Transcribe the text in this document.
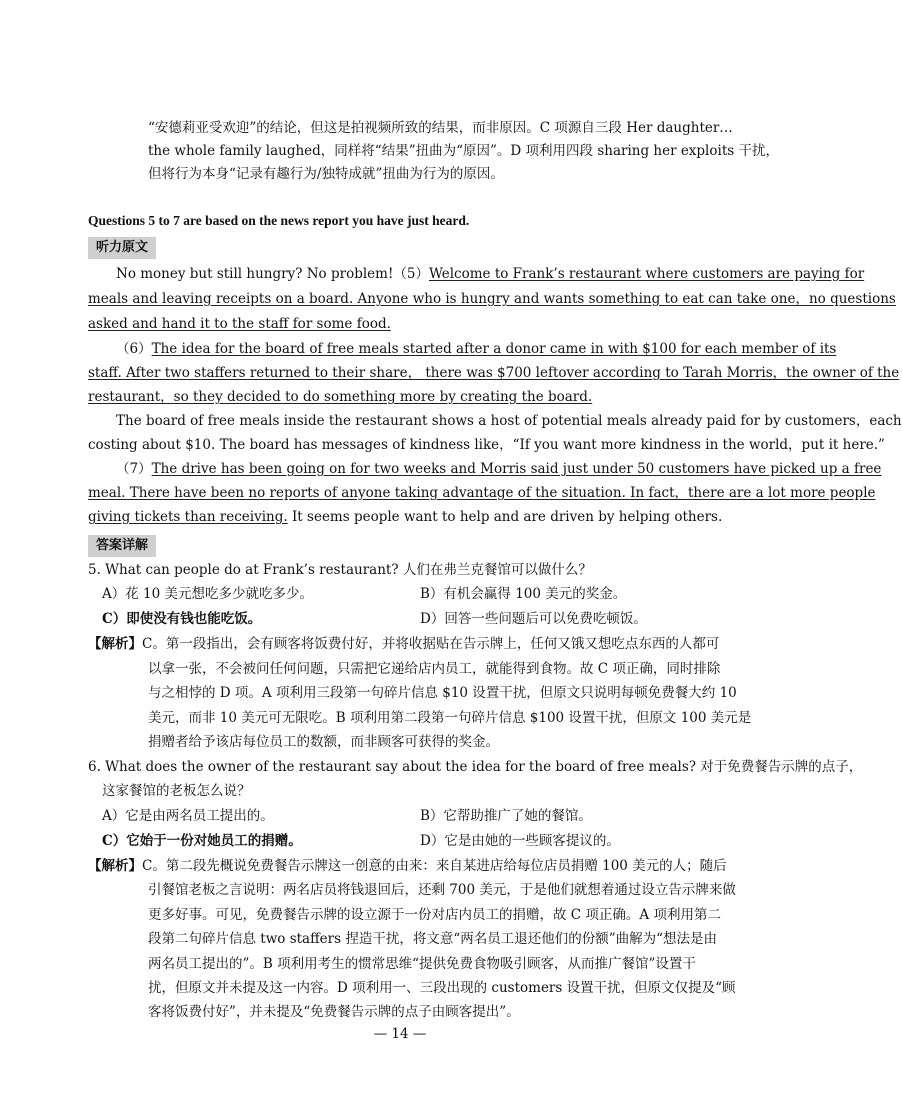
“安德莉亚受欢迎”的结论，但这是拍视频所致的结果，而非原因。C 项源自三段 Her daughter…
the whole family laughed，同样将“结果”扭曲为“原因”。D 项利用四段 sharing her exploits 干扰，
但将行为本身“记录有趣行为/独特成就”扭曲为行为的原因。
Questions 5 to 7 are based on the news report you have just heard.
听力原文
No money but still hungry? No problem!（5）Welcome to Frank’s restaurant where customers are paying for
meals and leaving receipts on a board. Anyone who is hungry and wants something to eat can take one，no questions
asked and hand it to the staff for some food.
（6）The idea for the board of free meals started after a donor came in with $100 for each member of its
staff. After two staffers returned to their share， there was $700 leftover according to Tarah Morris，the owner of the
restaurant，so they decided to do something more by creating the board.
The board of free meals inside the restaurant shows a host of potential meals already paid for by customers，each
costing about $10. The board has messages of kindness like，“If you want more kindness in the world，put it here.”
（7）The drive has been going on for two weeks and Morris said just under 50 customers have picked up a free
meal. There have been no reports of anyone taking advantage of the situation. In fact，there are a lot more people
giving tickets than receiving. It seems people want to help and are driven by helping others.
答案详解
5. What can people do at Frank’s restaurant? 人们在弗兰克餐馆可以做什么？
A）花 10 美元想吃多少就吃多少。	B）有机会赢得 100 美元的奖金。
C）即使没有钱也能吃饭。	D）回答一些问题后可以免费吃顿饭。
【解析】C。第一段指出，会有顾客将饭费付好，并将收据贴在告示牌上，任何又饿又想吃点东西的人都可
以拿一张，不会被问任何问题，只需把它递给店内员工，就能得到食物。故 C 项正确，同时排除
与之相悖的 D 项。A 项利用三段第一句碎片信息 $10 设置干扰，但原文只说明每顿免费餐大约 10
美元，而非 10 美元可无限吃。B 项利用第二段第一句碎片信息 $100 设置干扰，但原文 100 美元是
捐赠者给予该店每位员工的数额，而非顾客可获得的奖金。
6. What does the owner of the restaurant say about the idea for the board of free meals? 对于免费餐告示牌的点子，
这家餐馆的老板怎么说？
A）它是由两名员工提出的。	B）它帮助推广了她的餐馆。
C）它始于一份对她员工的捐赠。	D）它是由她的一些顾客提议的。
【解析】C。第二段先概说免费餐告示牌这一创意的由来：来自某进店给每位店员捐赠 100 美元的人；随后
引餐馆老板之言说明：两名店员将钱退回后，还剩 700 美元，于是他们就想着通过设立告示牌来做
更多好事。可见，免费餐告示牌的设立源于一份对店内员工的捐赠，故 C 项正确。A 项利用第二
段第二句碎片信息 two staffers 捏造干扰，将文意“两名员工退还他们的份额”曲解为“想法是由
两名员工提出的”。B 项利用考生的惯常思维“提供免费食物吸引顾客，从而推广餐馆”设置干
扰，但原文并未提及这一内容。D 项利用一、三段出现的 customers 设置干扰，但原文仅提及“顾
客将饭费付好”，并未提及“免费餐告示牌的点子由顾客提出”。
— 14 —
